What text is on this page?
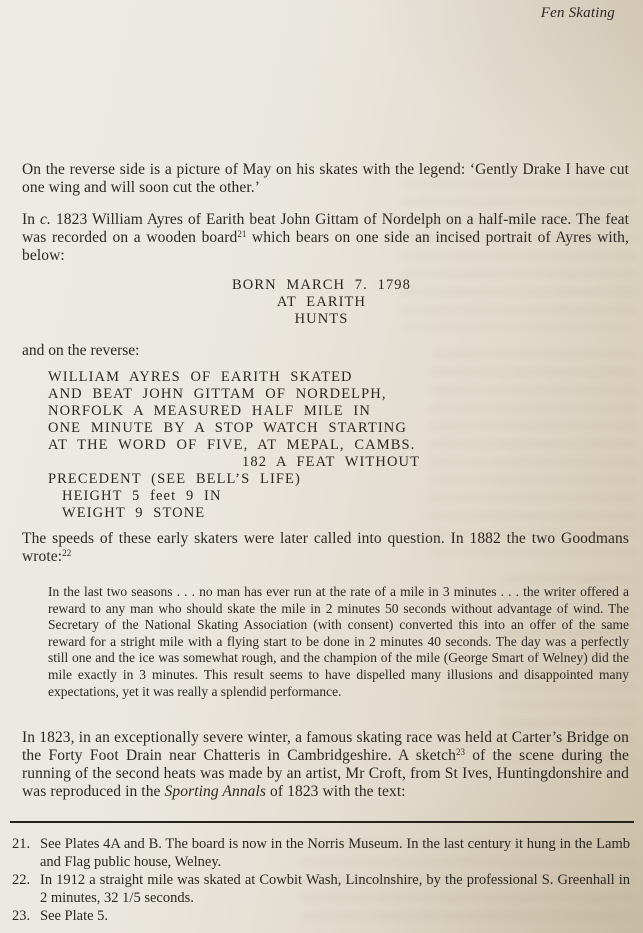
Fen Skating

On the reverse side is a picture of May on his skates with the legend: ‘Gently Drake I have cut one wing and will soon cut the other.’

In c. 1823 William Ayres of Earith beat John Gittam of Nordelph on a half-mile race. The feat was recorded on a wooden board$^{21}$ which bears on one side an incised portrait of Ayres with, below:

BORN MARCH 7. 1798
AT EARITH
HUNTS
and on the reverse:
WILLIAM AYRES OF EARITH SKATED
AND BEAT JOHN GITTAM OF NORDELPH,
NORFOLK A MEASURED HALF MILE IN
ONE MINUTE BY A STOP WATCH STARTING
AT THE WORD OF FIVE, AT MEPAL, CAMBS.
182 A FEAT WITHOUT
PRECEDENT (SEE BELL’S LIFE)
HEIGHT 5 feet 9 IN
WEIGHT 9 STONE

The speeds of these early skaters were later called into question. In 1882 the two Goodmans wrote:$^{22}$

In the last two seasons . . . no man has ever run at the rate of a mile in 3 minutes . . . the writer offered a reward to any man who should skate the mile in 2 minutes 50 seconds without advantage of wind. The Secretary of the National Skating Association (with consent) converted this into an offer of the same reward for a stright mile with a flying start to be done in 2 minutes 40 seconds. The day was a perfectly still one and the ice was somewhat rough, and the champion of the mile (George Smart of Welney) did the mile exactly in 3 minutes. This result seems to have dispelled many illusions and disappointed many expectations, yet it was really a splendid performance.

In 1823, in an exceptionally severe winter, a famous skating race was held at Carter’s Bridge on the Forty Foot Drain near Chatteris in Cambridgeshire. A sketch$^{23}$ of the scene during the running of the second heats was made by an artist, Mr Croft, from St Ives, Huntingdonshire and was reproduced in the Sporting Annals of 1823 with the text:

21. See Plates 4A and B. The board is now in the Norris Museum. In the last century it hung in the Lamb and Flag public house, Welney.
22. In 1912 a straight mile was skated at Cowbit Wash, Lincolnshire, by the professional S. Greenhall in 2 minutes, 32 1/5 seconds.
23. See Plate 5.
